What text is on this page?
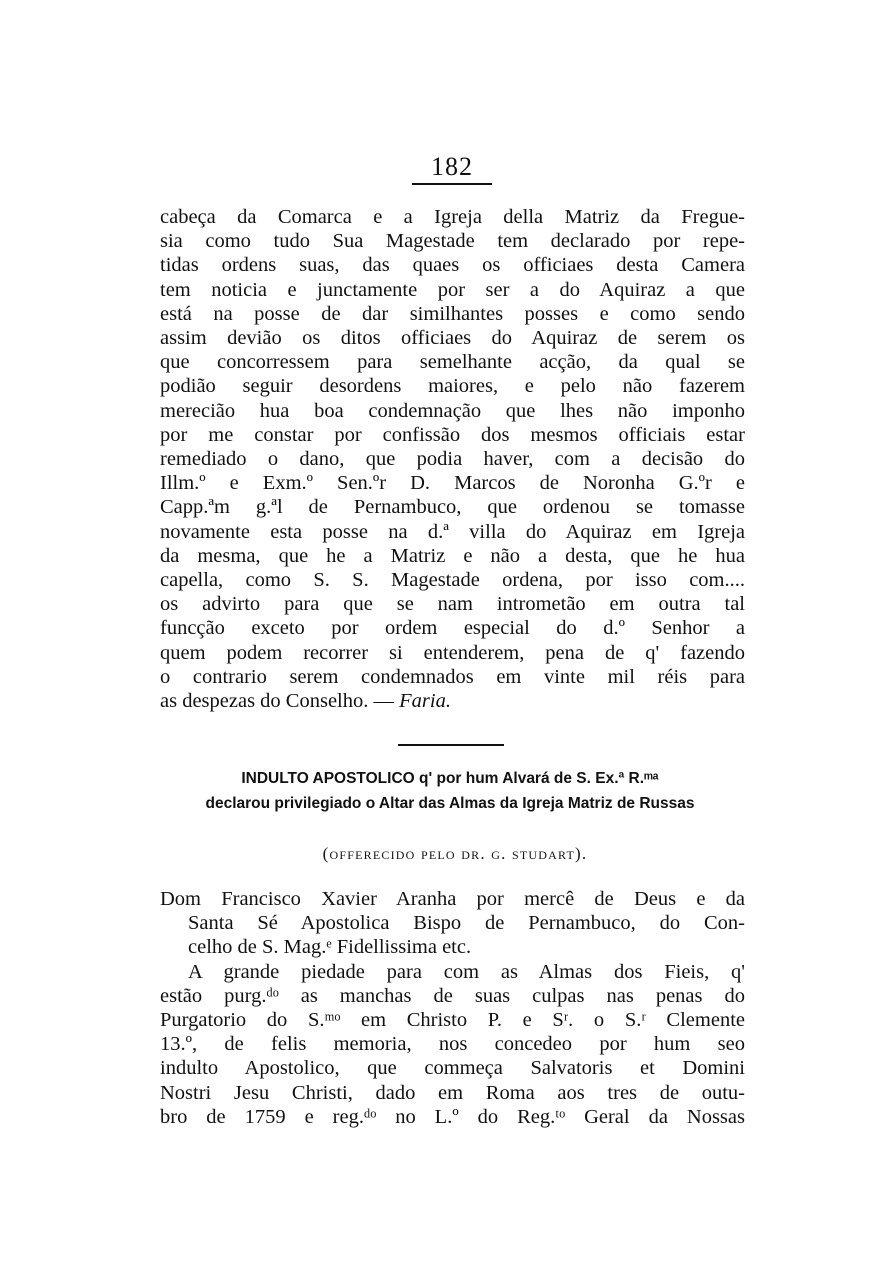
182
cabeça da Comarca e a Igreja della Matriz da Fregue-
sia como tudo Sua Magestade tem declarado por repe-
tidas ordens suas, das quaes os officiaes desta Camera
tem noticia e junctamente por ser a do Aquiraz a que
está na posse de dar similhantes posses e como sendo
assim devião os ditos officiaes do Aquiraz de serem os
que concorressem para semelhante acção, da qual se
podião seguir desordens maiores, e pelo não fazerem
merecião hua boa condemnação que lhes não imponho
por me constar por confissão dos mesmos officiais estar
remediado o dano, que podia haver, com a decisão do
Illm.º e Exm.º Sen.ºr D. Marcos de Noronha G.ºr e
Capp.ªm g.ªl de Pernambuco, que ordenou se tomasse
novamente esta posse na d.ª villa do Aquiraz em Igreja
da mesma, que he a Matriz e não a desta, que he hua
capella, como S. S. Magestade ordena, por isso com....
os advirto para que se nam intrometão em outra tal
funcção exceto por ordem especial do d.º Senhor a
quem podem recorrer si entenderem, pena de q' fazendo
o contrario serem condemnados em vinte mil réis para
as despezas do Conselho. — Faria.
INDULTO APOSTOLICO q' por hum Alvará de S. Ex.ª R.ᵐᵃ
declarou privilegiado o Altar das Almas da Igreja Matriz de Russas
(offerecido pelo dr. g. studart).
Dom Francisco Xavier Aranha por mercê de Deus e da
Santa Sé Apostolica Bispo de Pernambuco, do Con-
celho de S. Mag.ᵉ Fidellissima etc.
A grande piedade para com as Almas dos Fieis, q'
estão purg.ᵈᵒ as manchas de suas culpas nas penas do
Purgatorio do S.ᵐᵒ em Christo P. e Sʳ. o S.ʳ Clemente
13.º, de felis memoria, nos concedeo por hum seo
indulto Apostolico, que commeça Salvatoris et Domini
Nostri Jesu Christi, dado em Roma aos tres de outu-
bro de 1759 e reg.ᵈᵒ no L.º do Reg.ᵗᵒ Geral da Nossas
